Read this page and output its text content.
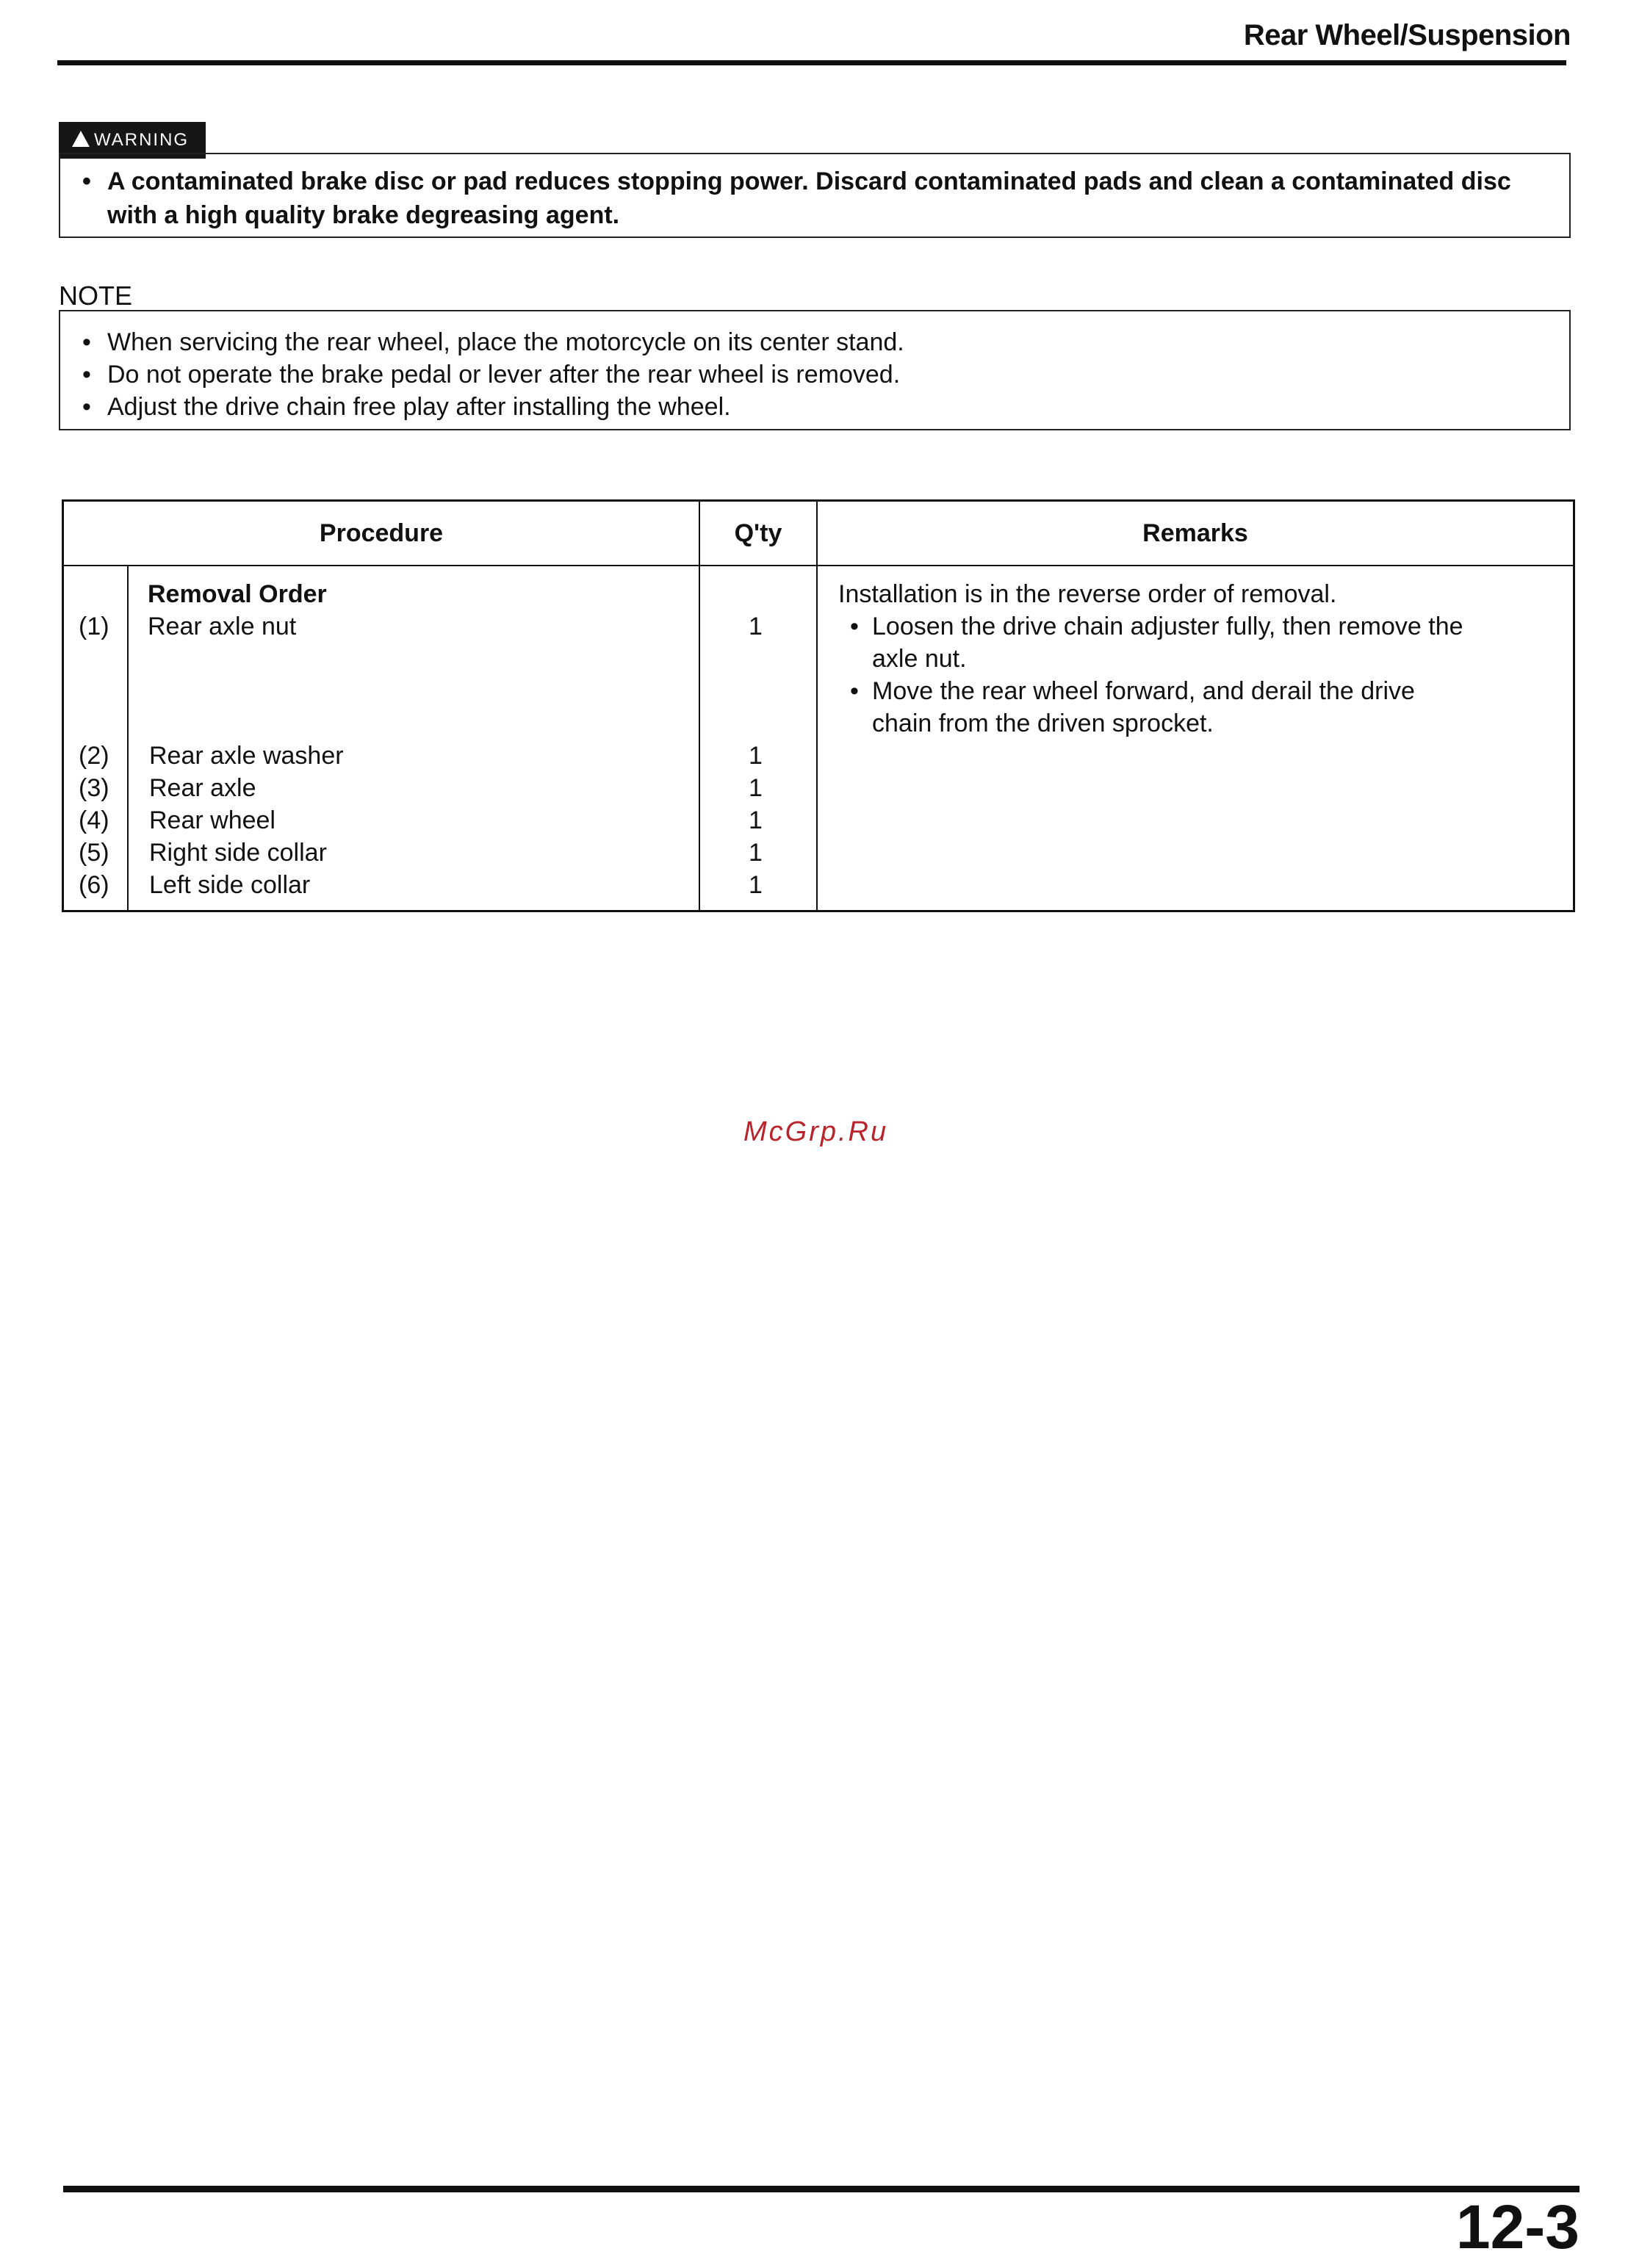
Rear Wheel/Suspension
WARNING
• A contaminated brake disc or pad reduces stopping power. Discard contaminated pads and clean a contaminated disc with a high quality brake degreasing agent.
NOTE
• When servicing the rear wheel, place the motorcycle on its center stand.
• Do not operate the brake pedal or lever after the rear wheel is removed.
• Adjust the drive chain free play after installing the wheel.
Procedure	Q'ty	Remarks
Removal Order
(1) Rear axle nut	1
(2) Rear axle washer	1
(3) Rear axle	1
(4) Rear wheel	1
(5) Right side collar	1
(6) Left side collar	1
Installation is in the reverse order of removal.
• Loosen the drive chain adjuster fully, then remove the
axle nut.
• Move the rear wheel forward, and derail the drive
chain from the driven sprocket.
McGrp.Ru
12-3
